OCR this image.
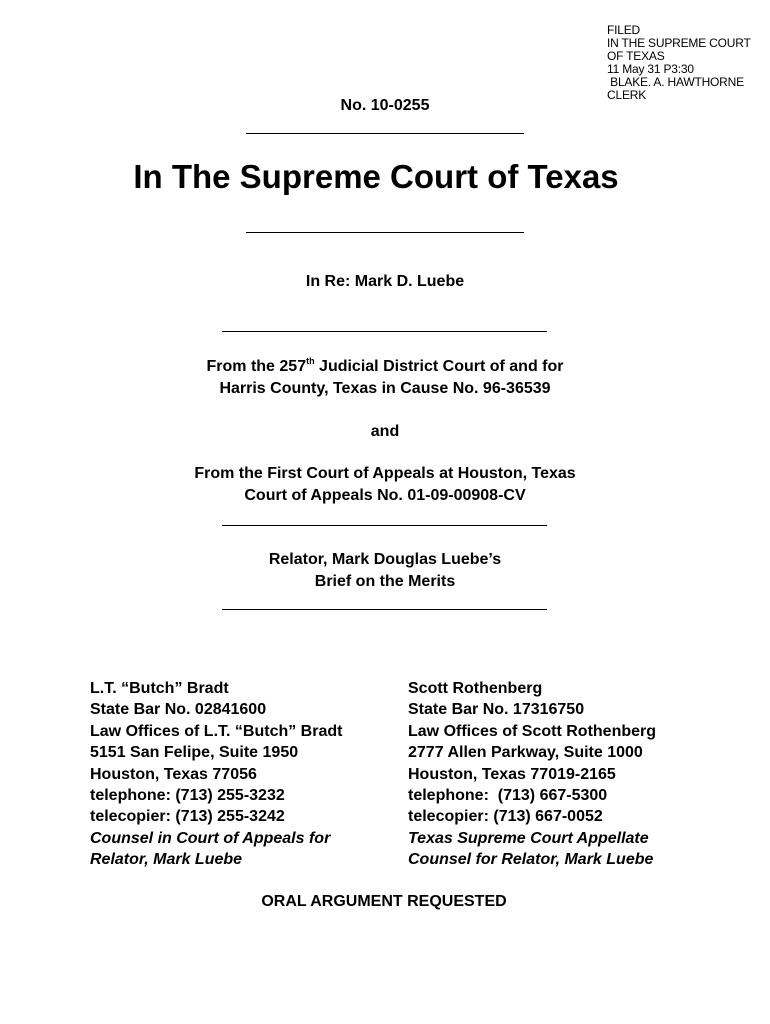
FILED
IN THE SUPREME COURT
OF TEXAS
11 May 31 P3:30
BLAKE. A. HAWTHORNE
CLERK
No. 10-0255
In The Supreme Court of Texas
In Re: Mark D. Luebe
From the 257th Judicial District Court of and for
Harris County, Texas in Cause No. 96-36539
and
From the First Court of Appeals at Houston, Texas
Court of Appeals No. 01-09-00908-CV
Relator, Mark Douglas Luebe’s
Brief on the Merits
L.T. “Butch” Bradt
State Bar No. 02841600
Law Offices of L.T. “Butch” Bradt
5151 San Felipe, Suite 1950
Houston, Texas 77056
telephone: (713) 255-3232
telecopier: (713) 255-3242
Counsel in Court of Appeals for
Relator, Mark Luebe
Scott Rothenberg
State Bar No. 17316750
Law Offices of Scott Rothenberg
2777 Allen Parkway, Suite 1000
Houston, Texas 77019-2165
telephone:  (713) 667-5300
telecopier: (713) 667-0052
Texas Supreme Court Appellate
Counsel for Relator, Mark Luebe
ORAL ARGUMENT REQUESTED
